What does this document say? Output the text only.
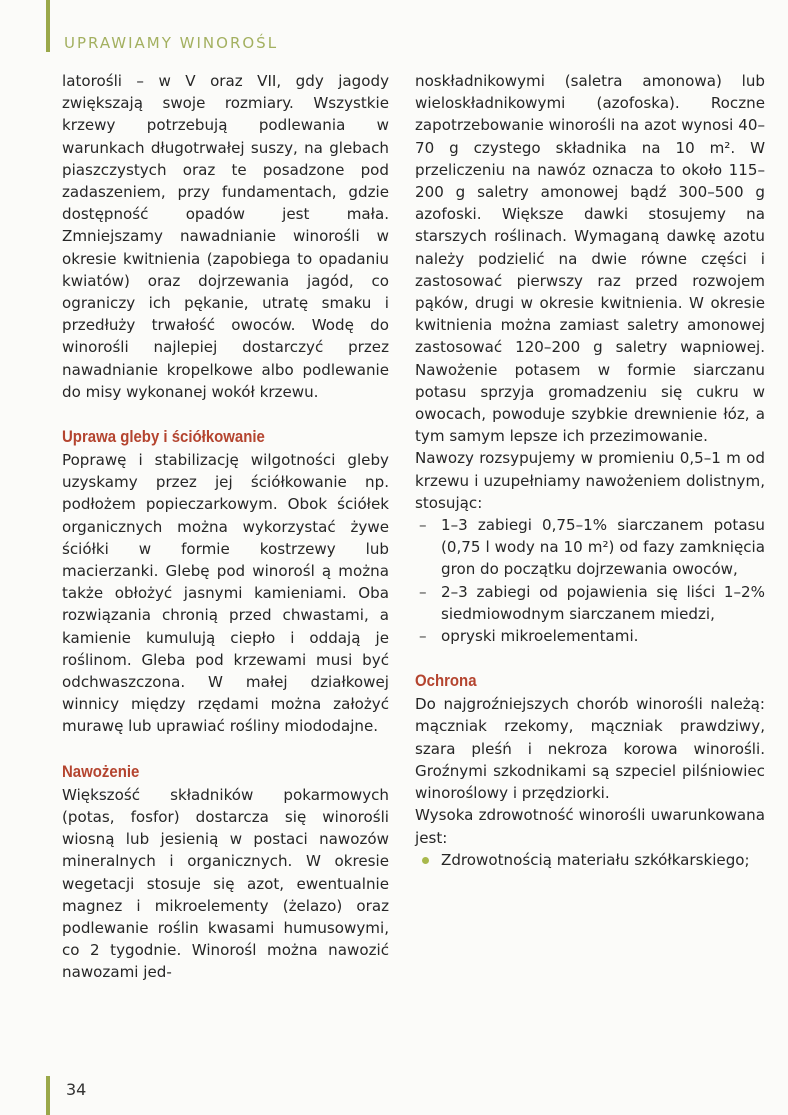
UPRAWIAMY WINOROŚL

latorośli – w V oraz VII, gdy jagody zwiększają swoje rozmiary. Wszystkie krzewy potrzebują podlewania w warunkach długotrwałej suszy, na glebach piaszczystych oraz te posadzone pod zadaszeniem, przy fundamentach, gdzie dostępność opadów jest mała. Zmniejszamy nawadnianie winorośli w okresie kwitnienia (zapobiega to opadaniu kwiatów) oraz dojrzewania jagód, co ograniczy ich pękanie, utratę smaku i przedłuży trwałość owoców. Wodę do winorośli najlepiej dostarczyć przez nawadnianie kropelkowe albo podlewanie do misy wykonanej wokół krzewu.

Uprawa gleby i ściółkowanie

Poprawę i stabilizację wilgotności gleby uzyskamy przez jej ściółkowanie np. podłożem popieczarkowym. Obok ściółek organicznych można wykorzystać żywe ściółki w formie kostrzewy lub macierzanki. Glebę pod winorośl ą można także obłożyć jasnymi kamieniami. Oba rozwiązania chronią przed chwastami, a kamienie kumulują ciepło i oddają je roślinom. Gleba pod krzewami musi być odchwaszczona. W małej działkowej winnicy między rzędami można założyć murawę lub uprawiać rośliny miododajne.

Nawożenie

Większość składników pokarmowych (potas, fosfor) dostarcza się winorośli wiosną lub jesienią w postaci nawozów mineralnych i organicznych. W okresie wegetacji stosuje się azot, ewentualnie magnez i mikroelementy (żelazo) oraz podlewanie roślin kwasami humusowymi, co 2 tygodnie. Winorośl można nawozić nawozami jed-

noskładnikowymi (saletra amonowa) lub wieloskładnikowymi (azofoska). Roczne zapotrzebowanie winorośli na azot wynosi 40–70 g czystego składnika na 10 m². W przeliczeniu na nawóz oznacza to około 115–200 g saletry amonowej bądź 300–500 g azofoski. Większe dawki stosujemy na starszych roślinach. Wymaganą dawkę azotu należy podzielić na dwie równe części i zastosować pierwszy raz przed rozwojem pąków, drugi w okresie kwitnienia. W okresie kwitnienia można zamiast saletry amonowej zastosować 120–200 g saletry wapniowej. Nawożenie potasem w formie siarczanu potasu sprzyja gromadzeniu się cukru w owocach, powoduje szybkie drewnienie łóz, a tym samym lepsze ich przezimowanie.

Nawozy rozsypujemy w promieniu 0,5–1 m od krzewu i uzupełniamy nawożeniem dolistnym, stosując:

– 1–3 zabiegi 0,75–1% siarczanem potasu (0,75 l wody na 10 m²) od fazy zamknięcia gron do początku dojrzewania owoców,
– 2–3 zabiegi od pojawienia się liści 1–2% siedmiowodnym siarczanem miedzi,
– opryski mikroelementami.
Ochrona

Do najgroźniejszych chorób winorośli należą: mączniak rzekomy, mączniak prawdziwy, szara pleśń i nekroza korowa winorośli. Groźnymi szkodnikami są szpeciel pilśniowiec winoroślowy i przędziorki.

Wysoka zdrowotność winorośli uwarunkowana jest:

Zdrowotnością materiału szkółkarskiego;
34
